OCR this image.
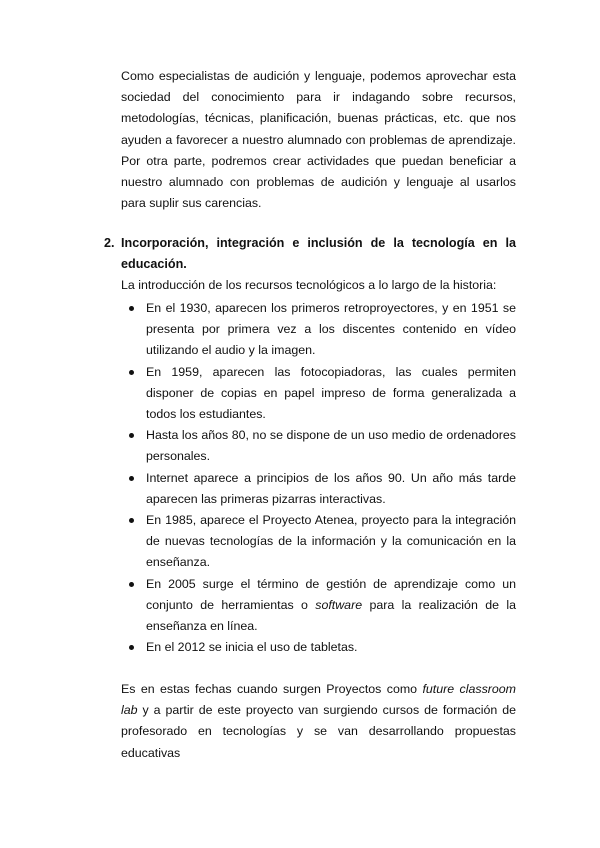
Como especialistas de audición y lenguaje, podemos aprovechar esta sociedad del conocimiento para ir indagando sobre recursos, metodologías, técnicas, planificación, buenas prácticas, etc. que nos ayuden a favorecer a nuestro alumnado con problemas de aprendizaje. Por otra parte, podremos crear actividades que puedan beneficiar a nuestro alumnado con problemas de audición y lenguaje al usarlos para suplir sus carencias.

2. Incorporación, integración e inclusión de la tecnología en la educación.

La introducción de los recursos tecnológicos a lo largo de la historia:

En el 1930, aparecen los primeros retroproyectores, y en 1951 se presenta por primera vez a los discentes contenido en vídeo utilizando el audio y la imagen.
En 1959, aparecen las fotocopiadoras, las cuales permiten disponer de copias en papel impreso de forma generalizada a todos los estudiantes.
Hasta los años 80, no se dispone de un uso medio de ordenadores personales.
Internet aparece a principios de los años 90. Un año más tarde aparecen las primeras pizarras interactivas.
En 1985, aparece el Proyecto Atenea, proyecto para la integración de nuevas tecnologías de la información y la comunicación en la enseñanza.
En 2005 surge el término de gestión de aprendizaje como un conjunto de herramientas o software para la realización de la enseñanza en línea.
En el 2012 se inicia el uso de tabletas.

Es en estas fechas cuando surgen Proyectos como future classroom lab y a partir de este proyecto van surgiendo cursos de formación de profesorado en tecnologías y se van desarrollando propuestas educativas
